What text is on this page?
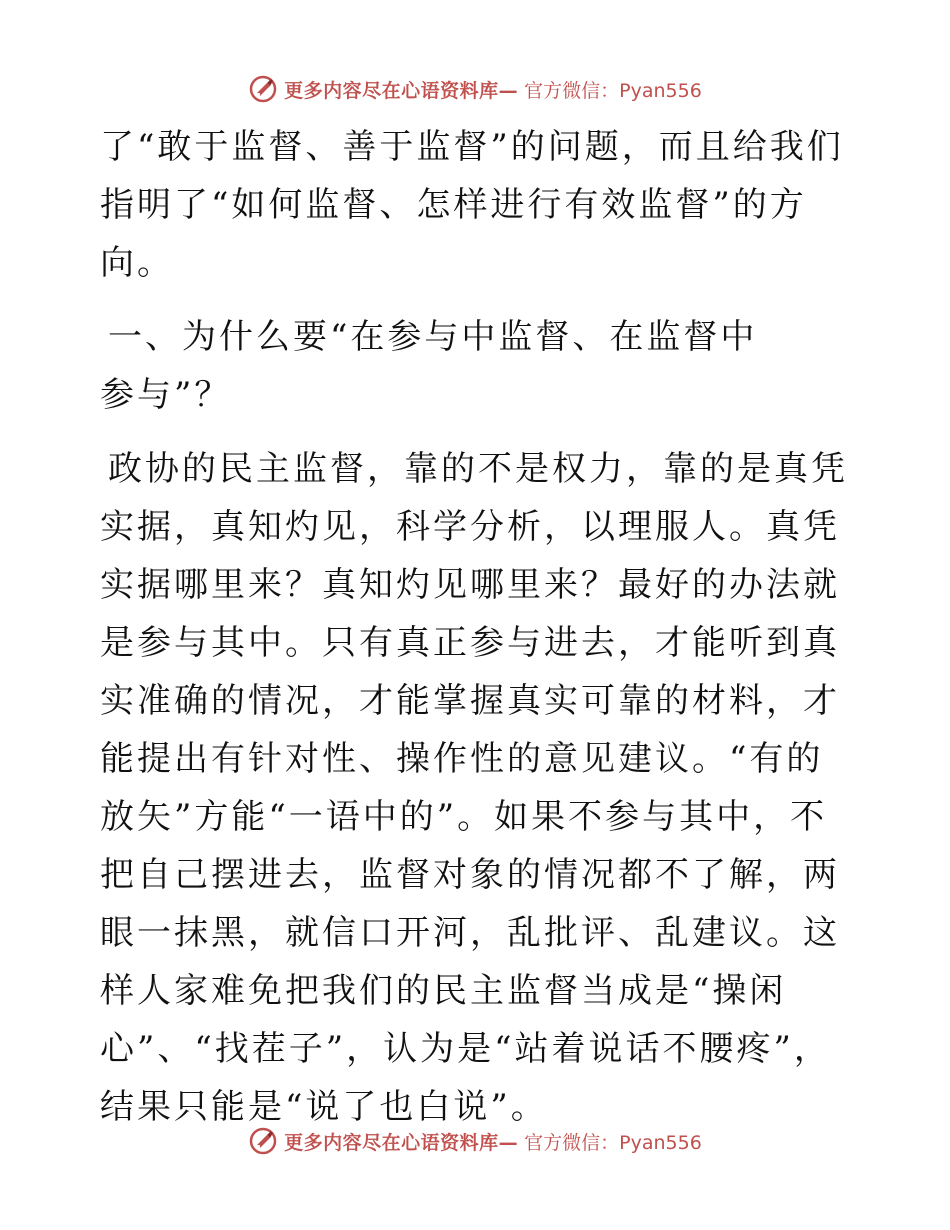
更多内容尽在心语资料库— 官方微信：Pyan556

了“敢于监督、善于监督”的问题，而且给我们指明了“如何监督、怎样进行有效监督”的方向。

一、为什么要“在参与中监督、在监督中参与”？

政协的民主监督，靠的不是权力，靠的是真凭实据，真知灼见，科学分析，以理服人。真凭实据哪里来？真知灼见哪里来？最好的办法就是参与其中。只有真正参与进去，才能听到真实准确的情况，才能掌握真实可靠的材料，才能提出有针对性、操作性的意见建议。“有的放矢”方能“一语中的”。如果不参与其中，不把自己摆进去，监督对象的情况都不了解，两眼一抹黑，就信口开河，乱批评、乱建议。这样人家难免把我们的民主监督当成是“操闲心”、“找茬子”，认为是“站着说话不腰疼”，结果只能是“说了也白说”。

更多内容尽在心语资料库— 官方微信：Pyan556
